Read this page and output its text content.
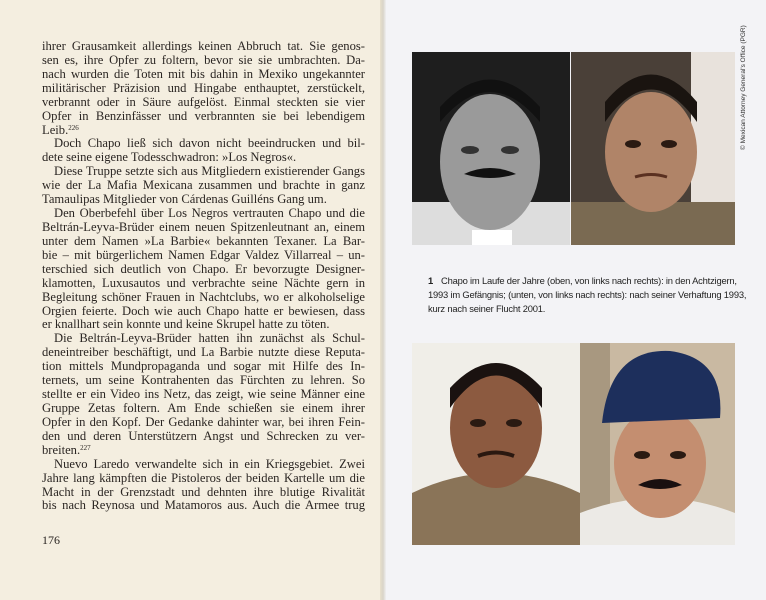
ihrer Grausamkeit allerdings keinen Abbruch tat. Sie genos-
sen es, ihre Opfer zu foltern, bevor sie sie umbrachten. Da-
nach wurden die Toten mit bis dahin in Mexiko ungekannter
militärischer Präzision und Hingabe enthauptet, zerstückelt,
verbrannt oder in Säure aufgelöst. Einmal steckten sie vier
Opfer in Benzinfässer und verbrannten sie bei lebendigem
Leib.$^{226}$
Doch Chapo ließ sich davon nicht beeindrucken und bil-
dete seine eigene Todesschwadron: »Los Negros«.
Diese Truppe setzte sich aus Mitgliedern existierender Gangs
wie der La Mafia Mexicana zusammen und brachte in ganz
Tamaulipas Mitglieder von Cárdenas Guilléns Gang um.
Den Oberbefehl über Los Negros vertrauten Chapo und die
Beltrán-Leyva-Brüder einem neuen Spitzenleutnant an, einem
unter dem Namen »La Barbie« bekannten Texaner. La Bar-
bie – mit bürgerlichem Namen Edgar Valdez Villarreal – un-
terschied sich deutlich von Chapo. Er bevorzugte Designer-
klamotten, Luxusautos und verbrachte seine Nächte gern in
Begleitung schöner Frauen in Nachtclubs, wo er alkoholselige
Orgien feierte. Doch wie auch Chapo hatte er bewiesen, dass
er knallhart sein konnte und keine Skrupel hatte zu töten.
Die Beltrán-Leyva-Brüder hatten ihn zunächst als Schul-
deneintreiber beschäftigt, und La Barbie nutzte diese Reputa-
tion mittels Mundpropaganda und sogar mit Hilfe des In-
ternets, um seine Kontrahenten das Fürchten zu lehren. So
stellte er ein Video ins Netz, das zeigt, wie seine Männer eine
Gruppe Zetas foltern. Am Ende schießen sie einem ihrer
Opfer in den Kopf. Der Gedanke dahinter war, bei ihren Fein-
den und deren Unterstützern Angst und Schrecken zu ver-
breiten.$^{227}$
Nuevo Laredo verwandelte sich in ein Kriegsgebiet. Zwei
Jahre lang kämpften die Pistoleros der beiden Kartelle um die
Macht in der Grenzstadt und dehnten ihre blutige Rivalität
bis nach Reynosa und Matamoros aus. Auch die Armee trug
176
© Mexican Attorney General's Office (PGR)
1 Chapo im Laufe der Jahre (oben, von links nach rechts): in den Achtzigern, 1993 im Gefängnis; (unten, von links nach rechts): nach seiner Verhaftung 1993, kurz nach seiner Flucht 2001.
